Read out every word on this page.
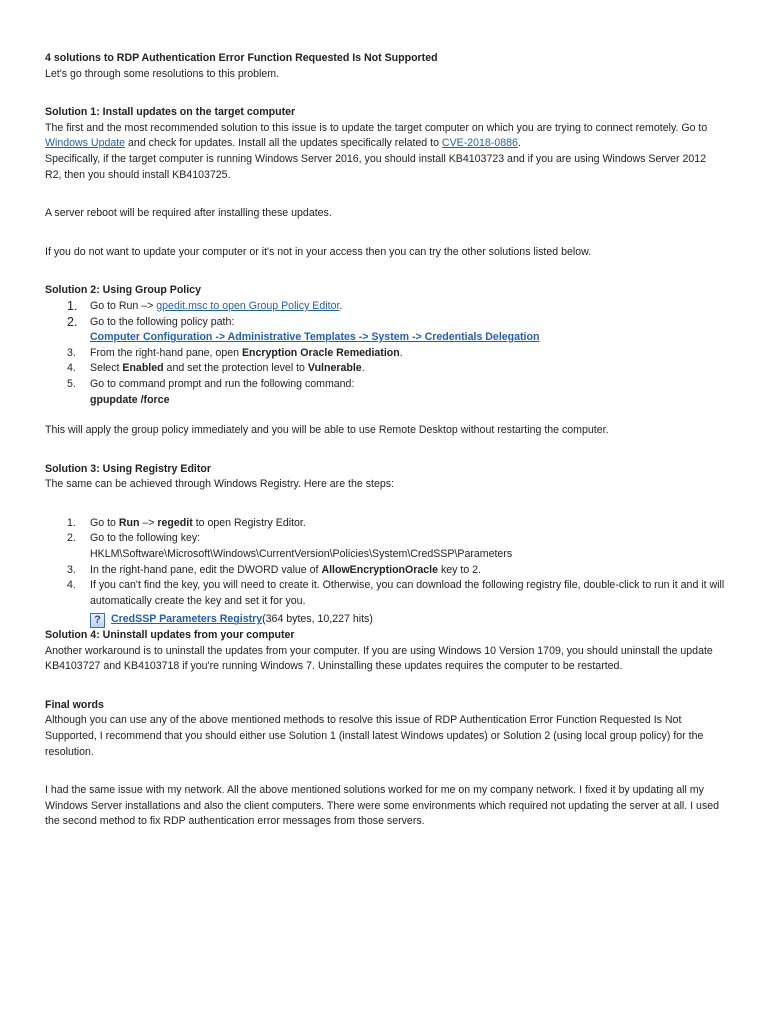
4 solutions to RDP Authentication Error Function Requested Is Not Supported

Let's go through some resolutions to this problem.

Solution 1: Install updates on the target computer

The first and the most recommended solution to this issue is to update the target computer on which you are trying to connect remotely. Go to Windows Update and check for updates. Install all the updates specifically related to CVE-2018-0886.

Specifically, if the target computer is running Windows Server 2016, you should install KB4103723 and if you are using Windows Server 2012 R2, then you should install KB4103725.

A server reboot will be required after installing these updates.

If you do not want to update your computer or it's not in your access then you can try the other solutions listed below.

Solution 2: Using Group Policy

1. Go to Run –> gpedit.msc to open Group Policy Editor.
2. Go to the following policy path:
Computer Configuration -> Administrative Templates -> System -> Credentials Delegation
3. From the right-hand pane, open Encryption Oracle Remediation.
4. Select Enabled and set the protection level to Vulnerable.
5. Go to command prompt and run the following command:
gpupdate /force

This will apply the group policy immediately and you will be able to use Remote Desktop without restarting the computer.

Solution 3: Using Registry Editor

The same can be achieved through Windows Registry. Here are the steps:

1. Go to Run –> regedit to open Registry Editor.
2. Go to the following key:
HKLM\Software\Microsoft\Windows\CurrentVersion\Policies\System\CredSSP\Parameters
3. In the right-hand pane, edit the DWORD value of AllowEncryptionOracle key to 2.
4. If you can't find the key, you will need to create it. Otherwise, you can download the following registry file, double-click to run it and it will automatically create the key and set it for you.
? CredSSP Parameters Registry (364 bytes, 10,227 hits)

Solution 4: Uninstall updates from your computer

Another workaround is to uninstall the updates from your computer. If you are using Windows 10 Version 1709, you should uninstall the update KB4103727 and KB4103718 if you're running Windows 7. Uninstalling these updates requires the computer to be restarted.

Final words

Although you can use any of the above mentioned methods to resolve this issue of RDP Authentication Error Function Requested Is Not Supported, I recommend that you should either use Solution 1 (install latest Windows updates) or Solution 2 (using local group policy) for the resolution.

I had the same issue with my network. All the above mentioned solutions worked for me on my company network. I fixed it by updating all my Windows Server installations and also the client computers. There were some environments which required not updating the server at all. I used the second method to fix RDP authentication error messages from those servers.
